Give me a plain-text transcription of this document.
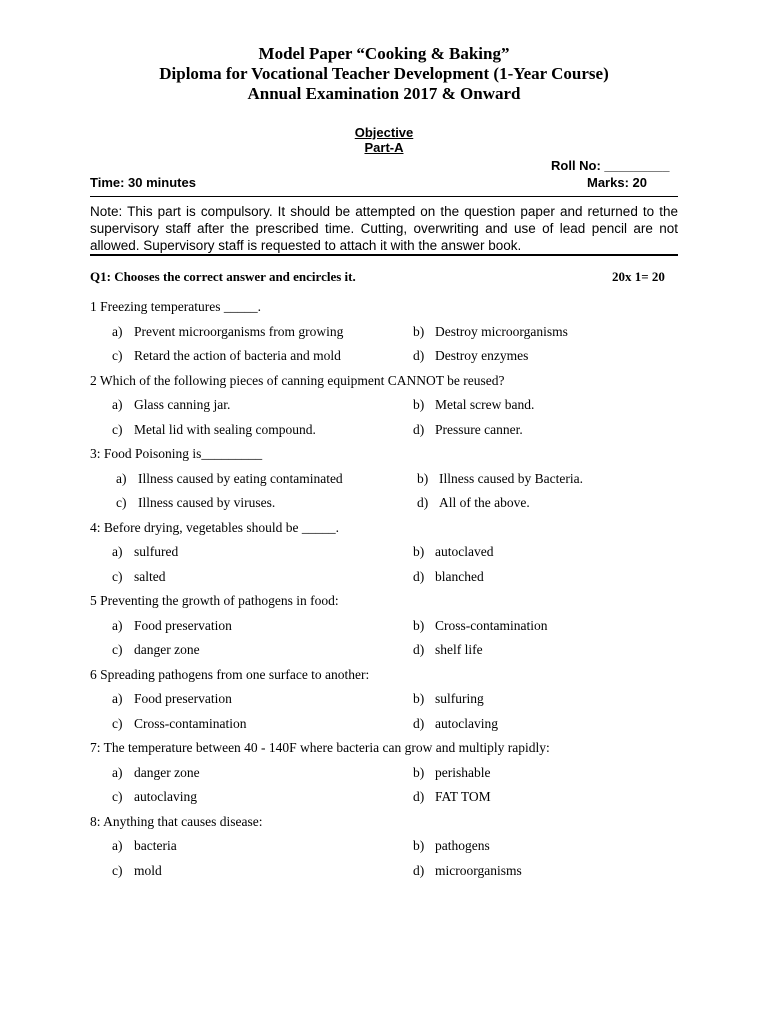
Model Paper “Cooking & Baking”
Diploma for Vocational Teacher Development (1-Year Course)
Annual Examination 2017 & Onward
Objective
Part-A
Roll No: _________
Time: 30 minutes	Marks: 20
Note: This part is compulsory. It should be attempted on the question paper and returned to the supervisory staff after the prescribed time. Cutting, overwriting and use of lead pencil are not allowed. Supervisory staff is requested to attach it with the answer book.
Q1: Chooses the correct answer and encircles it.	20x 1= 20
1 Freezing temperatures _____.
a) Prevent microorganisms from growing	b) Destroy microorganisms
c) Retard the action of bacteria and mold	d) Destroy enzymes
2 Which of the following pieces of canning equipment CANNOT be reused?
a) Glass canning jar.	b) Metal screw band.
c) Metal lid with sealing compound.	d) Pressure canner.
3: Food Poisoning is_________
a) Illness caused by eating contaminated	b) Illness caused by Bacteria.
c) Illness caused by viruses.	d) All of the above.
4: Before drying, vegetables should be _____.
a) sulfured	b) autoclaved
c) salted	d) blanched
5 Preventing the growth of pathogens in food:
a) Food preservation	b) Cross-contamination
c) danger zone	d) shelf life
6 Spreading pathogens from one surface to another:
a) Food preservation	b) sulfuring
c) Cross-contamination	d) autoclaving
7: The temperature between 40 - 140F where bacteria can grow and multiply rapidly:
a) danger zone	b) perishable
c) autoclaving	d) FAT TOM
8: Anything that causes disease:
a) bacteria	b) pathogens
c) mold	d) microorganisms
